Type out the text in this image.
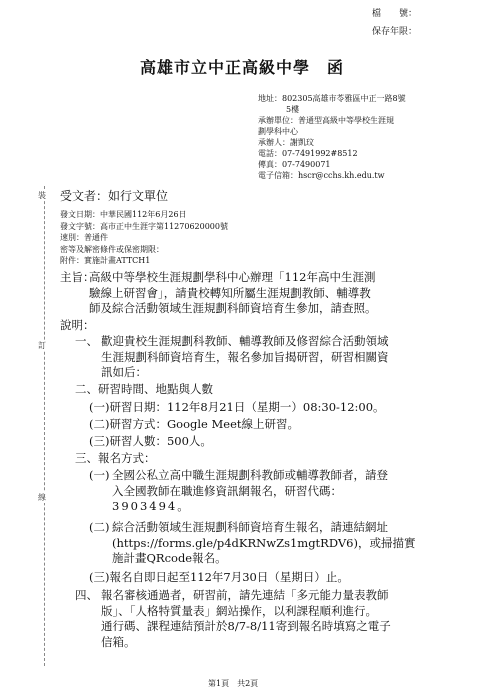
檔　　號：
保存年限：
高雄市立中正高級中學　函
地址：802305高雄市苓雅區中正一路8號
5樓
承辦單位：普通型高級中等學校生涯規
劃學科中心
承辦人：謝凱玟
電話：07-7491992#8512
傳真：07-7490071
電子信箱：hscr@cchs.kh.edu.tw
裝
訂
線
受文者：如行文單位
發文日期：中華民國112年6月26日
發文字號：高市正中生涯字第11270620000號
速別：普通件
密等及解密條件或保密期限：
附件：實施計畫ATTCH1
主旨：
高級中等學校生涯規劃學科中心辦理「112年高中生涯測
驗線上研習會」，請貴校轉知所屬生涯規劃教師、輔導教
師及綜合活動領域生涯規劃科師資培育生參加，請查照。
說明：
一、 歡迎貴校生涯規劃科教師、輔導教師及修習綜合活動領域
生涯規劃科師資培育生，報名參加旨揭研習，研習相關資
訊如后：
二、研習時間、地點與人數
(一)研習日期：112年8月21日（星期一）08:30-12:00。
(二)研習方式：Google Meet線上研習。
(三)研習人數：500人。
三、報名方式：
(一) 全國公私立高中職生涯規劃科教師或輔導教師者，請登
入全國教師在職進修資訊網報名，研習代碼：
3903494。
(二) 綜合活動領域生涯規劃科師資培育生報名，請連結網址
(https://forms.gle/p4dKRNwZs1mgtRDV6)，或掃描實
施計畫QRcode報名。
(三)報名自即日起至112年7月30日（星期日）止。
四、 報名審核通過者，研習前，請先連結「多元能力量表教師
版」、「人格特質量表」網站操作，以利課程順利進行。
通行碼、課程連結預計於8/7-8/11寄到報名時填寫之電子
信箱。
第1頁　共2頁
